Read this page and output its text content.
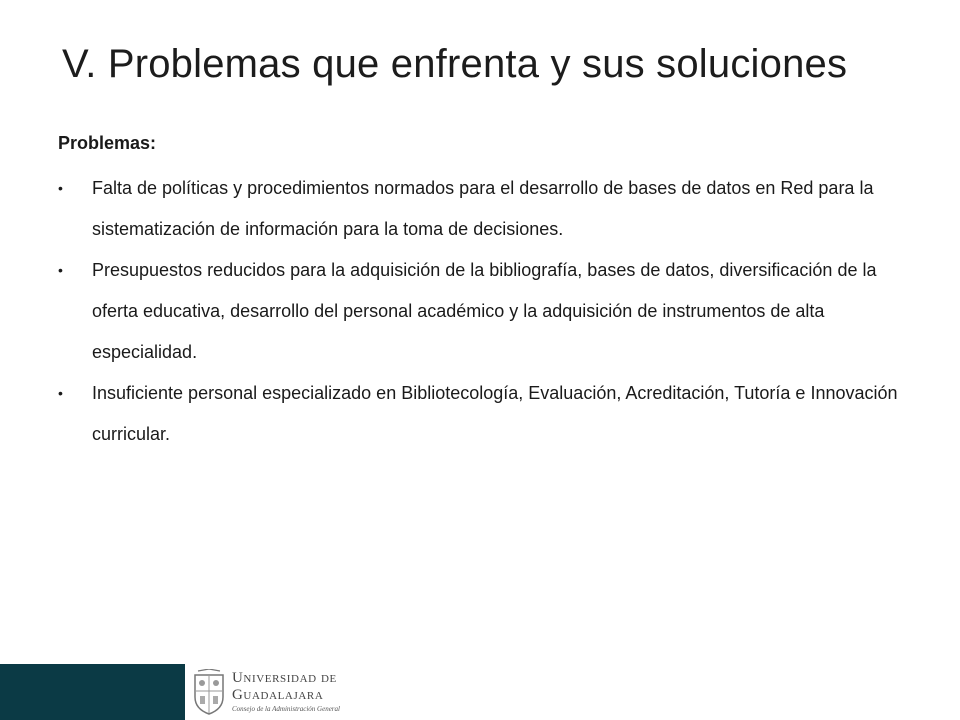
V. Problemas que enfrenta y sus soluciones
Problemas:
• Falta de políticas y procedimientos normados para el desarrollo de bases de datos en Red para la sistematización de información para la toma de decisiones.
• Presupuestos reducidos para la adquisición de la bibliografía, bases de datos, diversificación de la oferta educativa, desarrollo del personal académico y la adquisición de instrumentos de alta especialidad.
• Insuficiente personal especializado en Bibliotecología, Evaluación, Acreditación, Tutoría e Innovación curricular.
Universidad de
Guadalajara
Consejo de la Administración General
